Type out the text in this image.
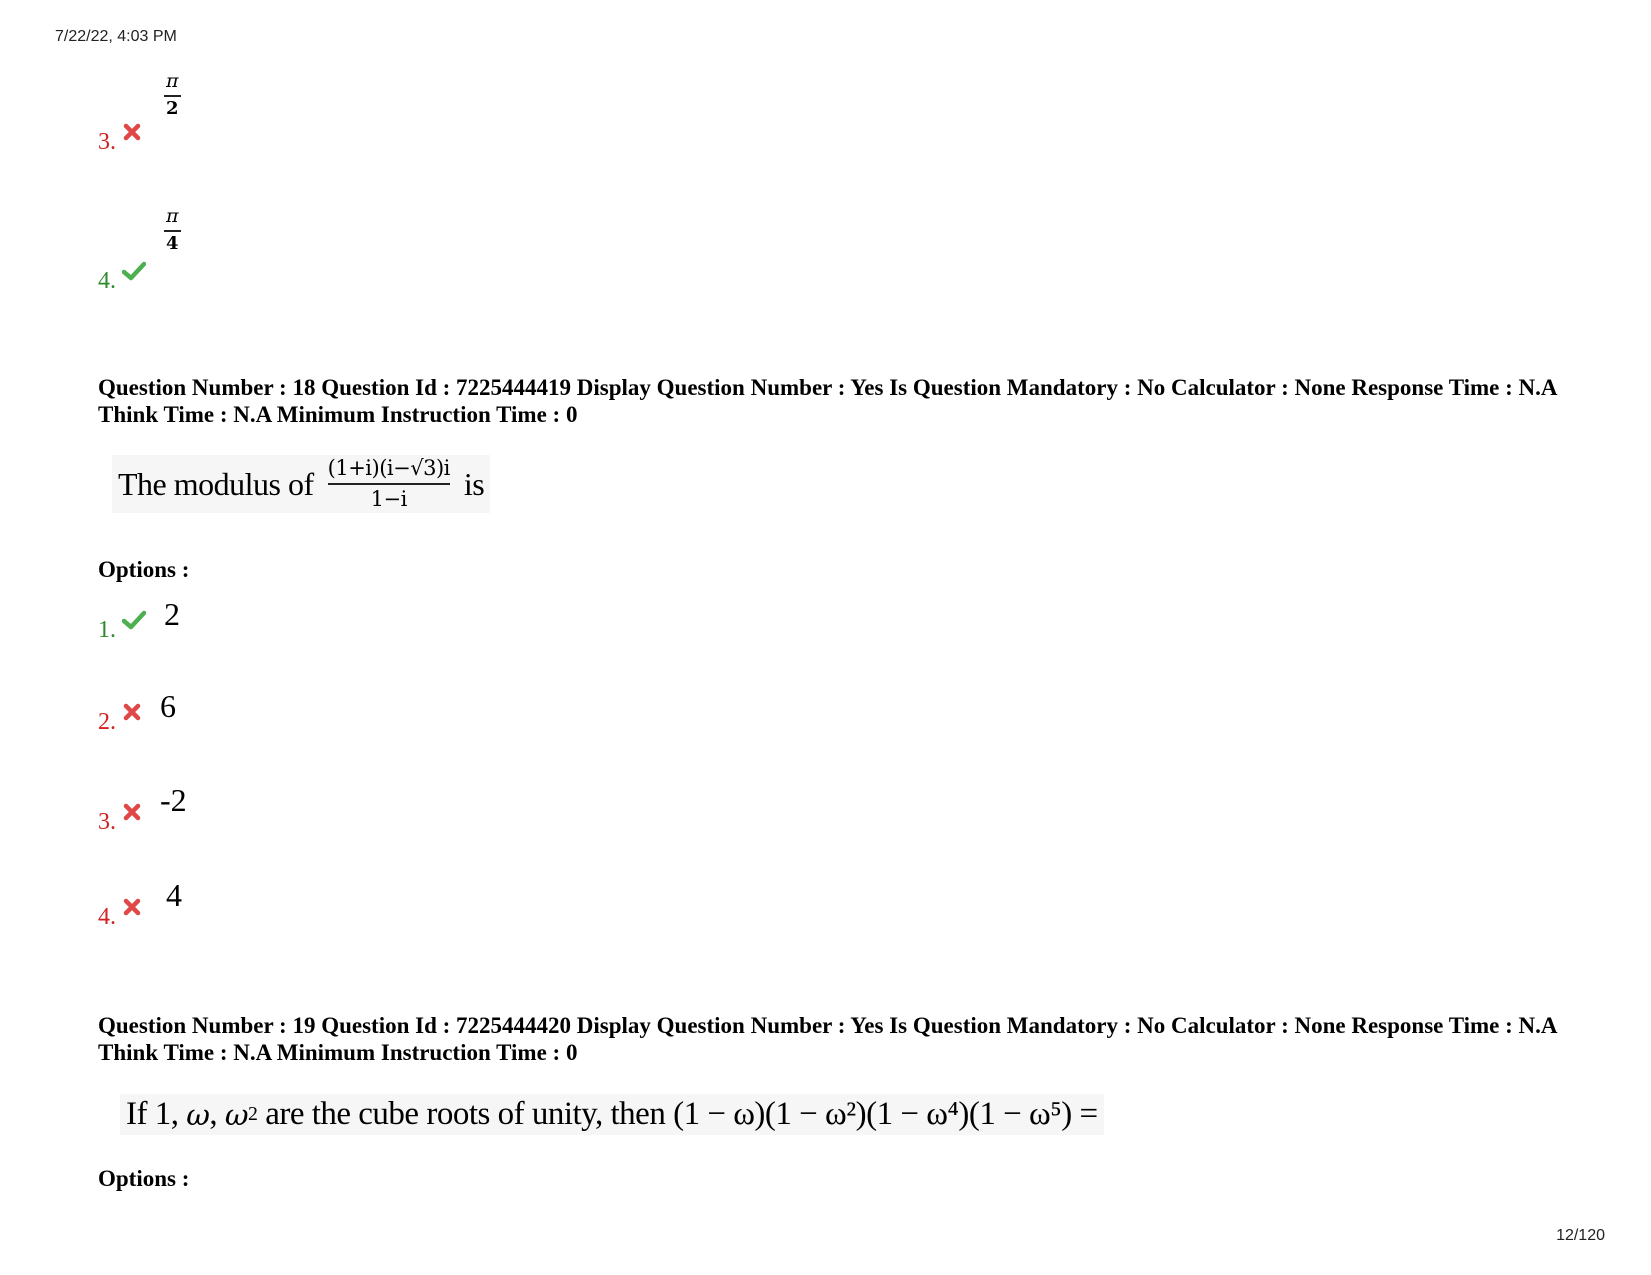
7/22/22, 4:03 PM
3.
$\frac{\pi}{2}$
4.
$\frac{\pi}{4}$
Question Number : 18 Question Id : 7225444419 Display Question Number : Yes Is Question Mandatory : No Calculator : None Response Time : N.A Think Time : N.A Minimum Instruction Time : 0
The modulus of (1+i)(i−√3)i
1−i is
Options :
1. 2
2. 6
3.
-2
4.
4
Question Number : 19 Question Id : 7225444420 Display Question Number : Yes Is Question Mandatory : No Calculator : None Response Time : N.A Think Time : N.A Minimum Instruction Time : 0
If 1,
ω , ω 2
are the cube roots of unity, then
(1 − ω)(1 − ω²)(1 − ω⁴)(1 − ω⁵) =
Options :
12/120
